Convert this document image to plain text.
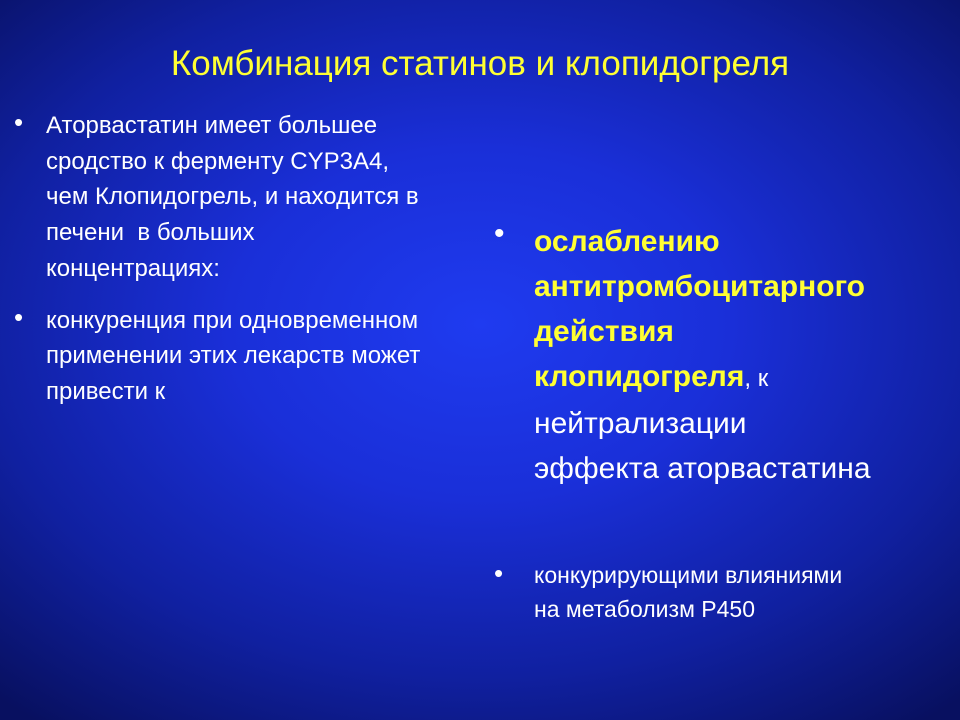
Комбинация статинов и клопидогреля
• Аторвастатин имеет большее
сродство к ферменту CYP3A4,
чем Клопидогрель, и находится в
печени  в больших
концентрациях:
• конкуренция при одновременном
применении этих лекарств может
привести к
• ослаблению
антитромбоцитарного
действия
клопидогреля, к
нейтрализации
эффекта аторвастатина
•	конкурирующими влияниями
на метаболизм Р450
